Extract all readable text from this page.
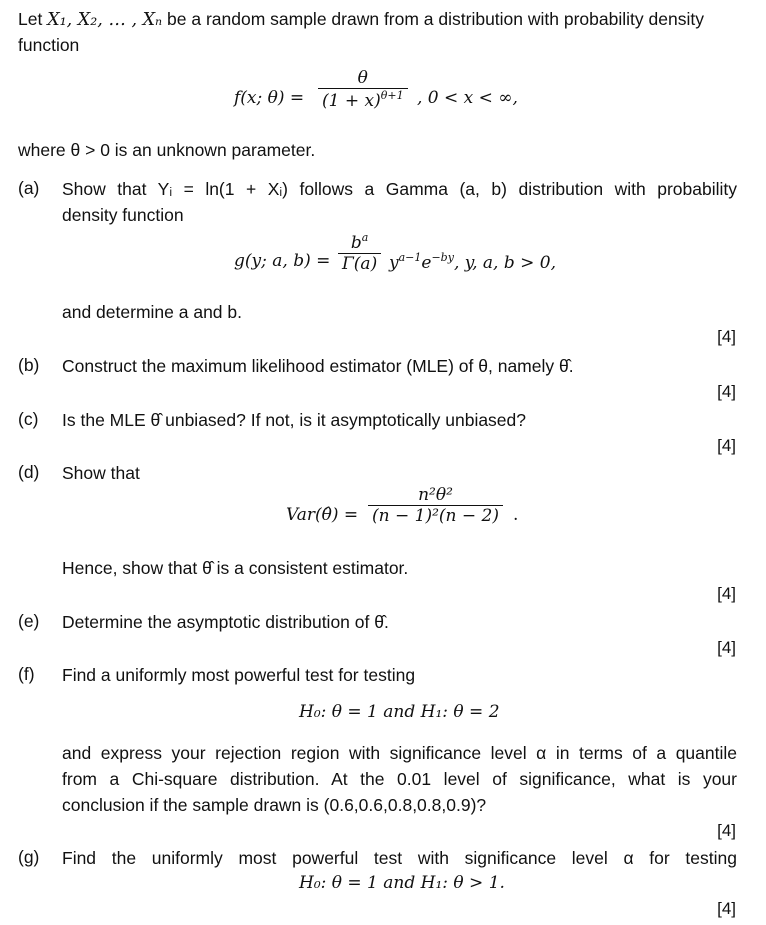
Let X₁, X₂, … , Xₙ be a random sample drawn from a distribution with probability density
function
f(x; $\theta) = \frac{\theta}{(1 + x)^{\theta+1}}$ , 0 < x < ∞,
where θ > 0 is an unknown parameter.
(a) Show that Yᵢ = ln(1 + Xᵢ) follows a Gamma (a, b) distribution with probability
density function
g(y; a, $b) = \frac{b^a}{\Gamma(a)} y^{a-1}e^{-by}$, y, a, b > 0,
and determine a and b.
[4]
(b) Construct the maximum likelihood estimator (MLE) of θ, namely θ̂.
[4]
(c) Is the MLE θ̂ unbiased? If not, is it asymptotically unbiased?
[4]
(d) Show that
Var(θ̂) = $\frac{\text{n²θ²}}{\text{(n − 1)²(n − 2)}}$ .
Hence, show that θ̂ is a consistent estimator.
[4]
(e) Determine the asymptotic distribution of θ̂.
[4]
(f) Find a uniformly most powerful test for testing
H₀: θ = 1 and H₁: θ = 2
and express your rejection region with significance level α in terms of a quantile
from a Chi-square distribution. At the 0.01 level of significance, what is your
conclusion if the sample drawn is (0.6,0.6,0.8,0.8,0.9)?
[4]
(g) Find the uniformly most powerful test with significance level α for testing
H₀: θ = 1 and H₁: θ > 1.
[4]
